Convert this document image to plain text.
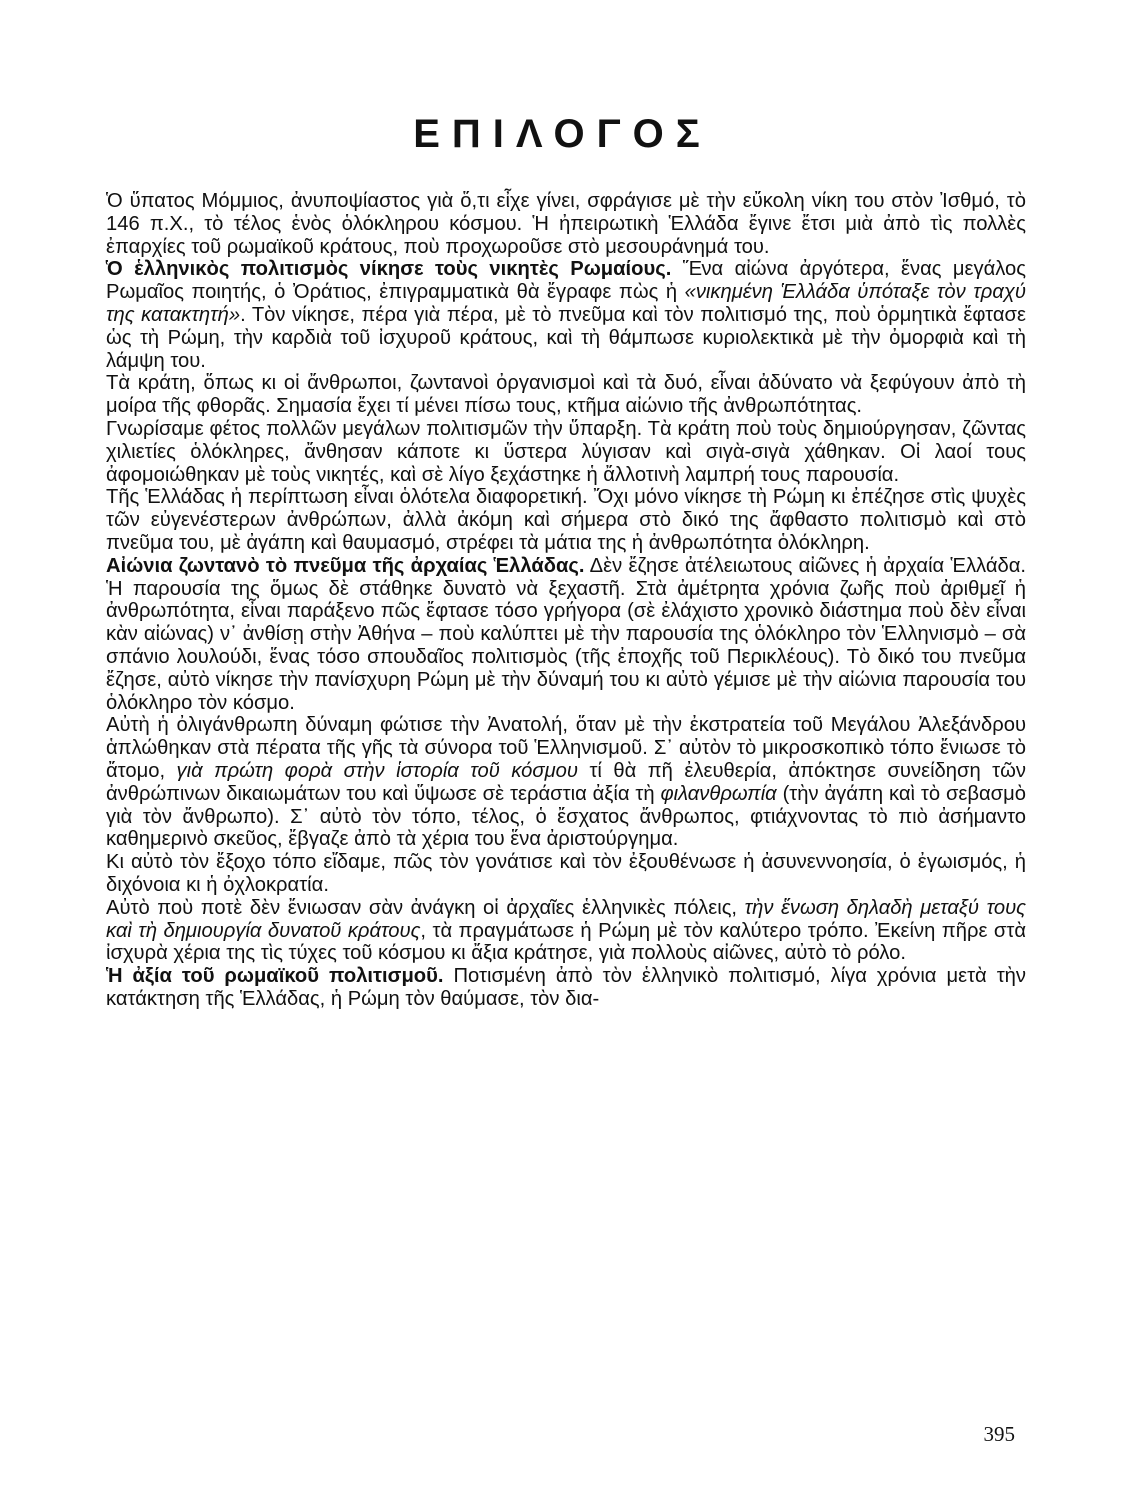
ΕΠΙΛΟΓΟΣ

Ὁ ὕπατος Μόμμιος, ἀνυποψίαστος γιὰ ὅ,τι εἶχε γίνει, σφράγισε μὲ τὴν εὔκολη νίκη του στὸν Ἰσθμό, τὸ 146 π.Χ., τὸ τέλος ἑνὸς ὁλόκληρου κόσμου. Ἡ ἠπειρωτικὴ Ἑλλάδα ἔγινε ἔτσι μιὰ ἀπὸ τὶς πολλὲς ἐπαρχίες τοῦ ρωμαϊκοῦ κράτους, ποὺ προχωροῦσε στὸ μεσουράνημά του.

Ὁ ἑλληνικὸς πολιτισμὸς νίκησε τοὺς νικητὲς Ρωμαίους. Ἕνα αἰώνα ἀργότερα, ἕνας μεγάλος Ρωμαῖος ποιητής, ὁ Ὀράτιος, ἐπιγραμματικὰ θὰ ἔγραφε πὼς ἡ «νικημένη Ἑλλάδα ὑπόταξε τὸν τραχύ της κατακτητή». Τὸν νίκησε, πέρα γιὰ πέρα, μὲ τὸ πνεῦμα καὶ τὸν πολιτισμό της, ποὺ ὁρμητικὰ ἔφτασε ὡς τὴ Ρώμη, τὴν καρδιὰ τοῦ ἰσχυροῦ κράτους, καὶ τὴ θάμπωσε κυριολεκτικὰ μὲ τὴν ὀμορφιὰ καὶ τὴ λάμψη του.

Τὰ κράτη, ὅπως κι οἱ ἄνθρωποι, ζωντανοὶ ὀργανισμοὶ καὶ τὰ δυό, εἶναι ἀδύνατο νὰ ξεφύγουν ἀπὸ τὴ μοίρα τῆς φθορᾶς. Σημασία ἔχει τί μένει πίσω τους, κτῆμα αἰώνιο τῆς ἀνθρωπότητας.

Γνωρίσαμε φέτος πολλῶν μεγάλων πολιτισμῶν τὴν ὕπαρξη. Τὰ κράτη ποὺ τοὺς δημιούργησαν, ζῶντας χιλιετίες ὁλόκληρες, ἄνθησαν κάποτε κι ὕστερα λύγισαν καὶ σιγὰ-σιγὰ χάθηκαν. Οἱ λαοί τους ἀφομοιώθηκαν μὲ τοὺς νικητές, καὶ σὲ λίγο ξεχάστηκε ἡ ἄλλοτινὴ λαμπρή τους παρουσία.

Τῆς Ἑλλάδας ἡ περίπτωση εἶναι ὁλότελα διαφορετική. Ὄχι μόνο νίκησε τὴ Ρώμη κι ἐπέζησε στὶς ψυχὲς τῶν εὐγενέστερων ἀνθρώπων, ἀλλὰ ἀκόμη καὶ σήμερα στὸ δικό της ἄφθαστο πολιτισμὸ καὶ στὸ πνεῦμα του, μὲ ἀγάπη καὶ θαυμασμό, στρέφει τὰ μάτια της ἡ ἀνθρωπότητα ὁλόκληρη.

Αἰώνια ζωντανὸ τὸ πνεῦμα τῆς ἀρχαίας Ἑλλάδας. Δὲν ἔζησε ἀτέλειωτους αἰῶνες ἡ ἀρχαία Ἑλλάδα. Ἡ παρουσία της ὅμως δὲ στάθηκε δυνατὸ νὰ ξεχαστῆ. Στὰ ἀμέτρητα χρόνια ζωῆς ποὺ ἀριθμεῖ ἡ ἀνθρωπότητα, εἶναι παράξενο πῶς ἔφτασε τόσο γρήγορα (σὲ ἐλάχιστο χρονικὸ διάστημα ποὺ δὲν εἶναι κὰν αἰώνας) ν᾽ ἀνθίσῃ στὴν Ἀθήνα – ποὺ καλύπτει μὲ τὴν παρουσία της ὁλόκληρο τὸν Ἑλληνισμὸ – σὰ σπάνιο λουλούδι, ἕνας τόσο σπουδαῖος πολιτισμὸς (τῆς ἐποχῆς τοῦ Περικλέους). Τὸ δικό του πνεῦμα ἔζησε, αὐτὸ νίκησε τὴν πανίσχυρη Ρώμη μὲ τὴν δύναμή του κι αὐτὸ γέμισε μὲ τὴν αἰώνια παρουσία του ὁλόκληρο τὸν κόσμο.

Αὐτὴ ἡ ὀλιγάνθρωπη δύναμη φώτισε τὴν Ἀνατολή, ὅταν μὲ τὴν ἐκστρατεία τοῦ Μεγάλου Ἀλεξάνδρου ἁπλώθηκαν στὰ πέρατα τῆς γῆς τὰ σύνορα τοῦ Ἑλληνισμοῦ. Σ᾽ αὐτὸν τὸ μικροσκοπικὸ τόπο ἔνιωσε τὸ ἄτομο, γιὰ πρώτη φορὰ στὴν ἱστορία τοῦ κόσμου τί θὰ πῆ ἐλευθερία, ἀπόκτησε συνείδηση τῶν ἀνθρώπινων δικαιωμάτων του καὶ ὕψωσε σὲ τεράστια ἀξία τὴ φιλανθρωπία (τὴν ἀγάπη καὶ τὸ σεβασμὸ γιὰ τὸν ἄνθρωπο). Σ᾽ αὐτὸ τὸν τόπο, τέλος, ὁ ἔσχατος ἄνθρωπος, φτιάχνοντας τὸ πιὸ ἀσήμαντο καθημερινὸ σκεῦος, ἔβγαζε ἀπὸ τὰ χέρια του ἕνα ἀριστούργημα.

Κι αὐτὸ τὸν ἔξοχο τόπο εἴδαμε, πῶς τὸν γονάτισε καὶ τὸν ἐξουθένωσε ἡ ἀσυνεννοησία, ὁ ἐγωισμός, ἡ διχόνοια κι ἡ ὀχλοκρατία.

Αὐτὸ ποὺ ποτὲ δὲν ἔνιωσαν σὰν ἀνάγκη οἱ ἀρχαῖες ἑλληνικὲς πόλεις, τὴν ἕνωση δηλαδὴ μεταξύ τους καὶ τὴ δημιουργία δυνατοῦ κράτους, τὰ πραγμάτωσε ἡ Ρώμη μὲ τὸν καλύτερο τρόπο. Ἐκείνη πῆρε στὰ ἰσχυρὰ χέρια της τὶς τύχες τοῦ κόσμου κι ἄξια κράτησε, γιὰ πολλοὺς αἰῶνες, αὐτὸ τὸ ρόλο.

Ἡ ἀξία τοῦ ρωμαϊκοῦ πολιτισμοῦ. Ποτισμένη ἀπὸ τὸν ἑλληνικὸ πολιτισμό, λίγα χρόνια μετὰ τὴν κατάκτηση τῆς Ἑλλάδας, ἡ Ρώμη τὸν θαύμασε, τὸν δια-

395
